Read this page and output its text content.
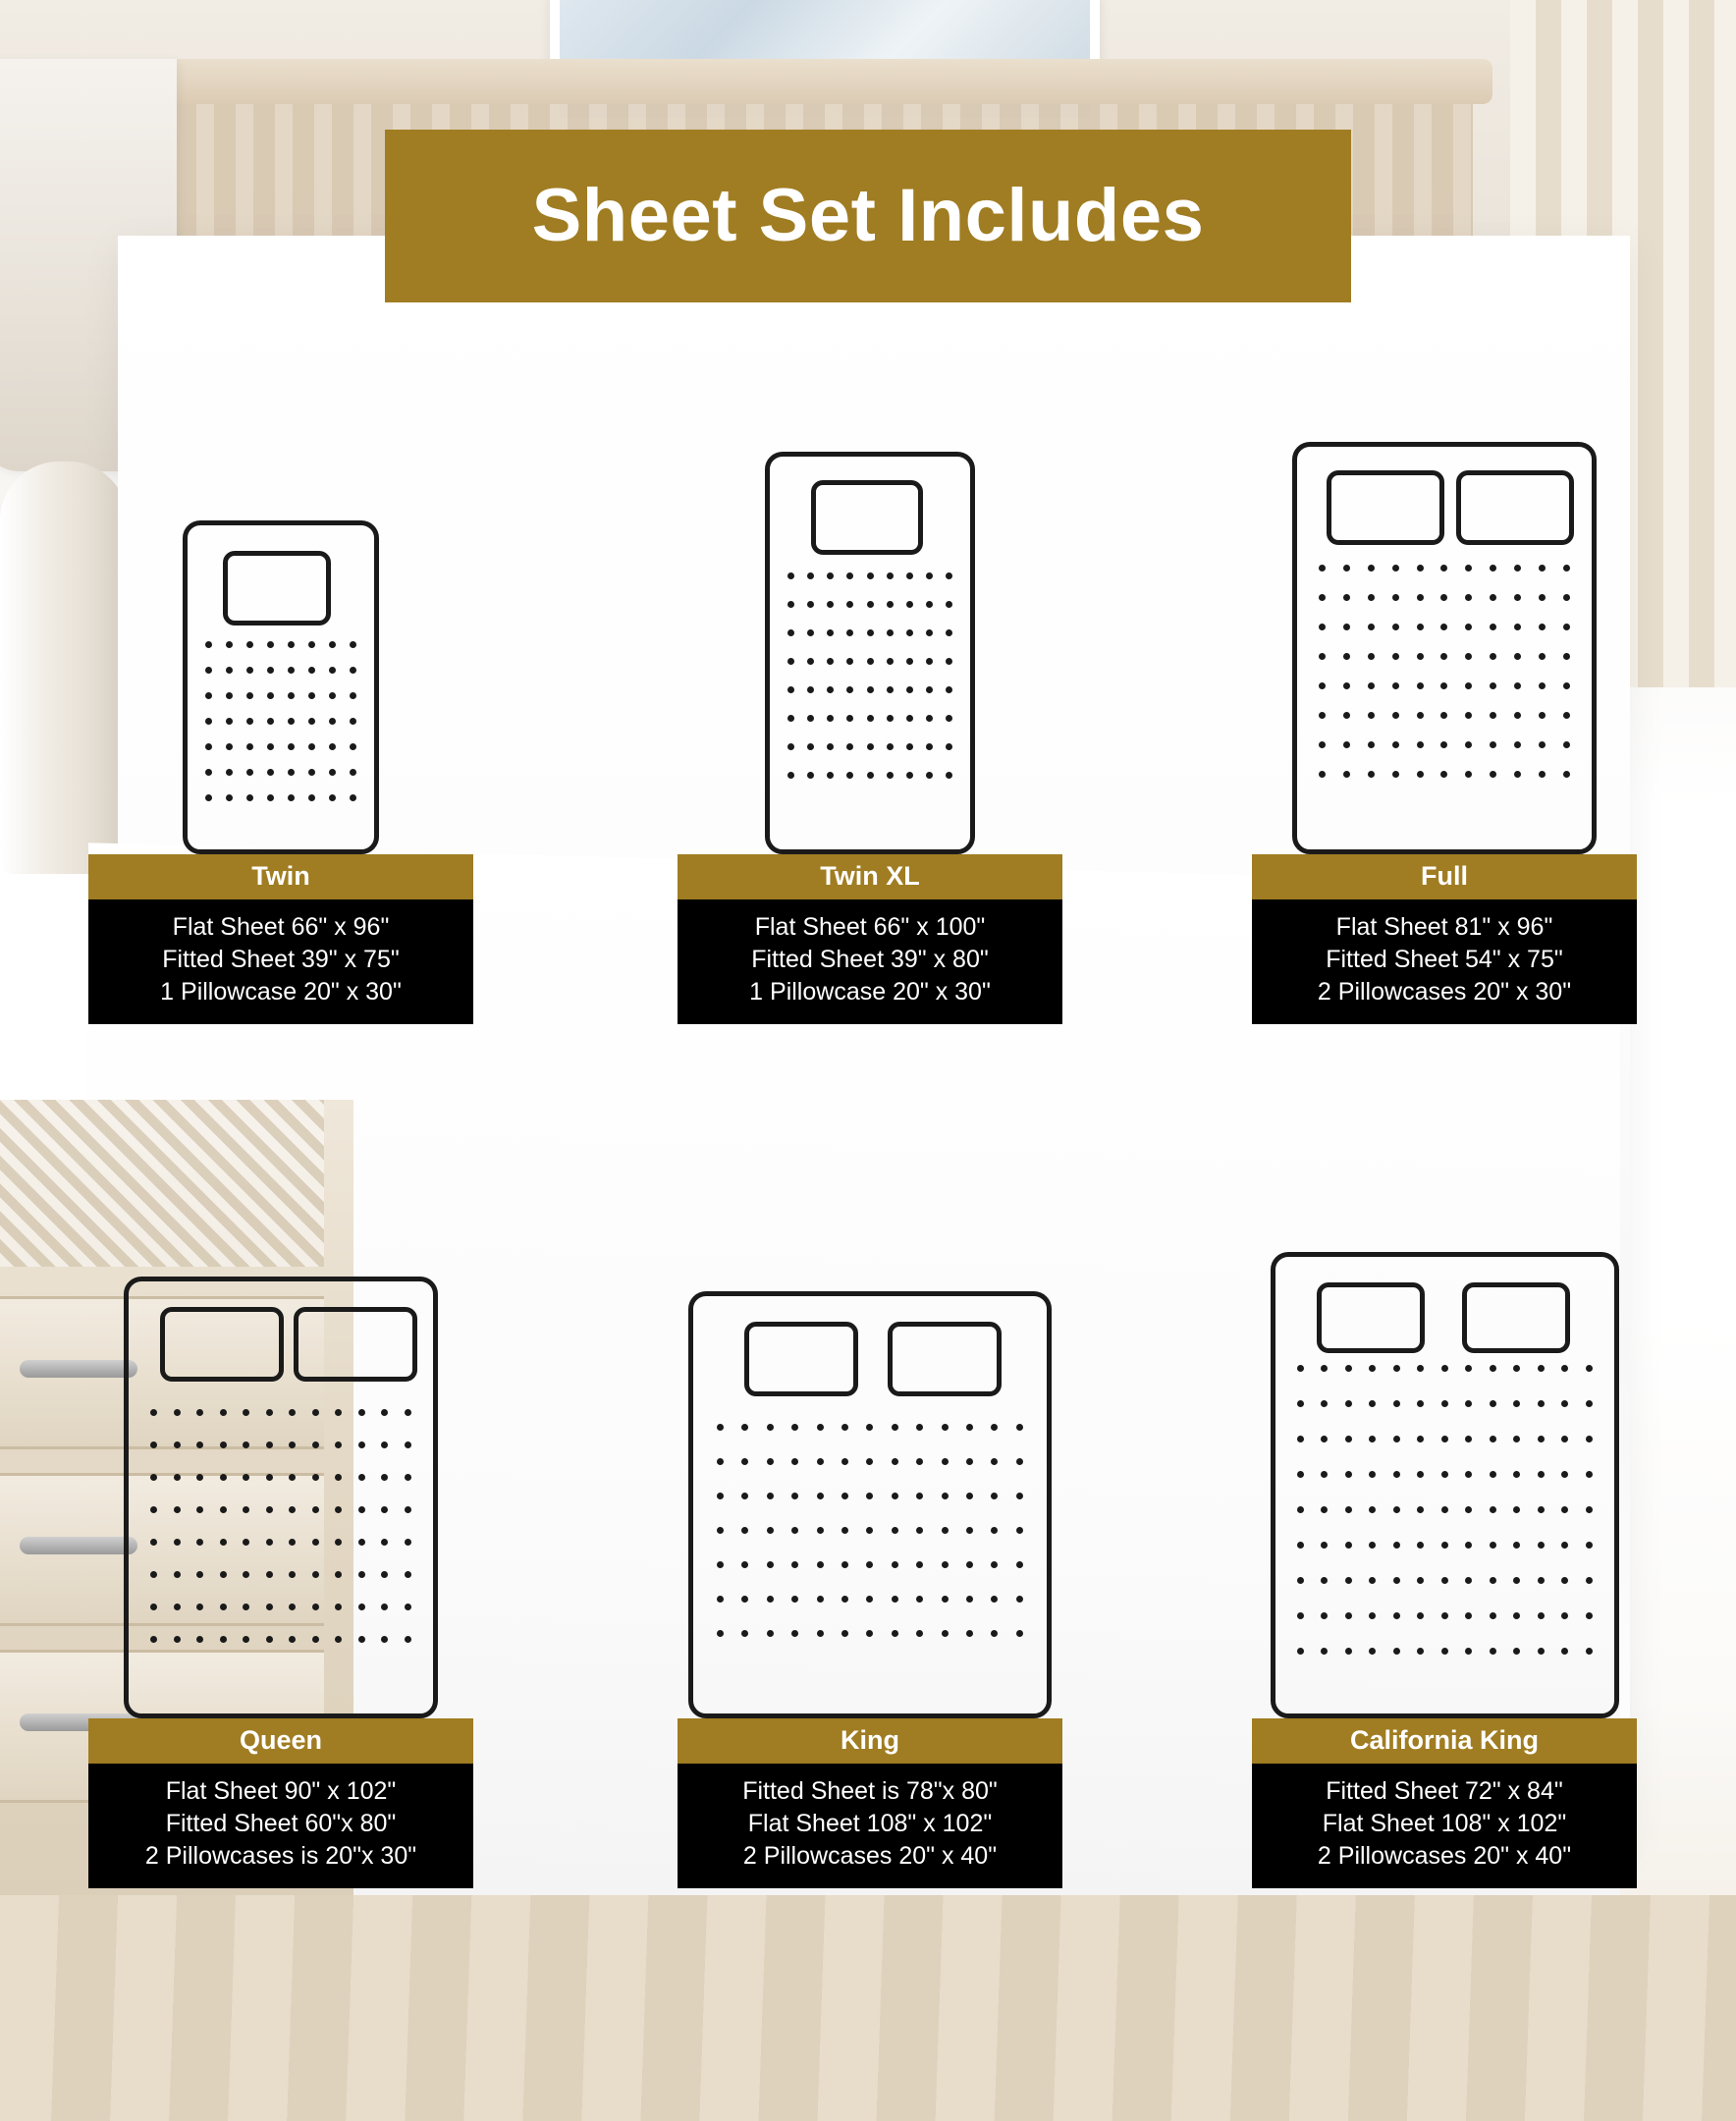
Sheet Set Includes
Twin
Flat Sheet 66" x 96"
Fitted Sheet 39" x 75"
1 Pillowcase 20" x 30"
Twin XL
Flat Sheet 66" x 100"
Fitted Sheet 39" x 80"
1 Pillowcase 20" x 30"
Full
Flat Sheet 81" x 96"
Fitted Sheet 54" x 75"
2 Pillowcases 20" x 30"
Queen
Flat Sheet 90" x 102"
Fitted Sheet 60"x 80"
2 Pillowcases is 20"x 30"
King
Fitted Sheet is 78"x 80"
Flat Sheet 108" x 102"
2 Pillowcases 20" x 40"
California King
Fitted Sheet 72" x 84"
Flat Sheet 108" x 102"
2 Pillowcases 20" x 40"
